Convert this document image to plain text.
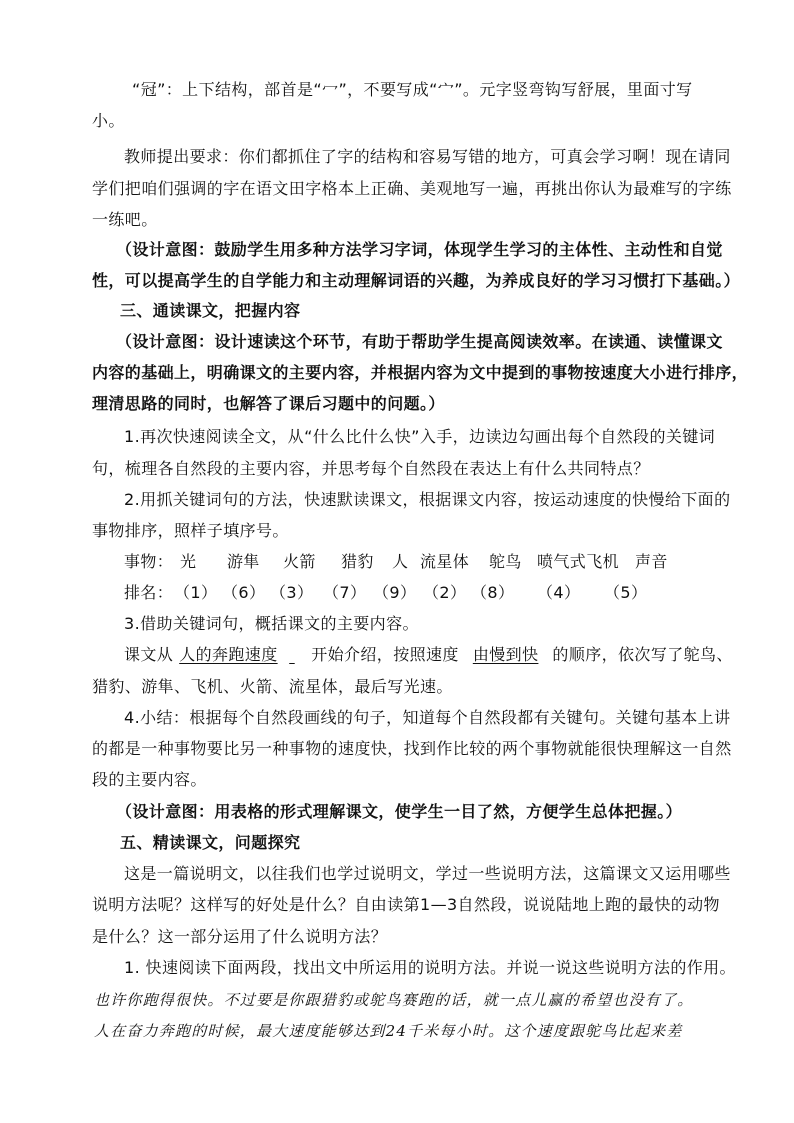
“冠”：上下结构，部首是“冖”，不要写成“宀”。元字竖弯钩写舒展，里面寸写
小。
教师提出要求：你们都抓住了字的结构和容易写错的地方，可真会学习啊！现在请同
学们把咱们强调的字在语文田字格本上正确、美观地写一遍，再挑出你认为最难写的字练
一练吧。
（设计意图：鼓励学生用多种方法学习字词，体现学生学习的主体性、主动性和自觉
性，可以提高学生的自学能力和主动理解词语的兴趣，为养成良好的学习习惯打下基础。）
三、通读课文，把握内容
（设计意图：设计速读这个环节，有助于帮助学生提高阅读效率。在读通、读懂课文
内容的基础上，明确课文的主要内容，并根据内容为文中提到的事物按速度大小进行排序，
理清思路的同时，也解答了课后习题中的问题。）
1.再次快速阅读全文，从“什么比什么快”入手，边读边勾画出每个自然段的关键词
句，梳理各自然段的主要内容，并思考每个自然段在表达上有什么共同特点？
2.用抓关键词句的方法，快速默读课文，根据课文内容，按运动速度的快慢给下面的
事物排序，照样子填序号。
事物： 光 游隼 火箭 猎豹 人 流星体 鸵鸟 喷气式飞机 声音
排名：（1） （6） （3） （7） （9） （2） （8） （4） （5）
3.借助关键词句，概括课文的主要内容。
课文从 人的奔跑速度 开始介绍，按照速度 由慢到快 的顺序，依次写了鸵鸟、
猎豹、游隼、飞机、火箭、流星体，最后写光速。
4.小结：根据每个自然段画线的句子，知道每个自然段都有关键句。关键句基本上讲
的都是一种事物要比另一种事物的速度快，找到作比较的两个事物就能很快理解这一自然
段的主要内容。
（设计意图：用表格的形式理解课文，使学生一目了然，方便学生总体把握。）
五、精读课文，问题探究
这是一篇说明文，以往我们也学过说明文，学过一些说明方法，这篇课文又运用哪些
说明方法呢？这样写的好处是什么？自由读第1—3自然段，说说陆地上跑的最快的动物
是什么？这一部分运用了什么说明方法？
1. 快速阅读下面两段，找出文中所运用的说明方法。并说一说这些说明方法的作用。
也许你跑得很快。不过要是你跟猎豹或鸵鸟赛跑的话，就一点儿赢的希望也没有了。
人在奋力奔跑的时候，最大速度能够达到24千米每小时。这个速度跟鸵鸟比起来差
